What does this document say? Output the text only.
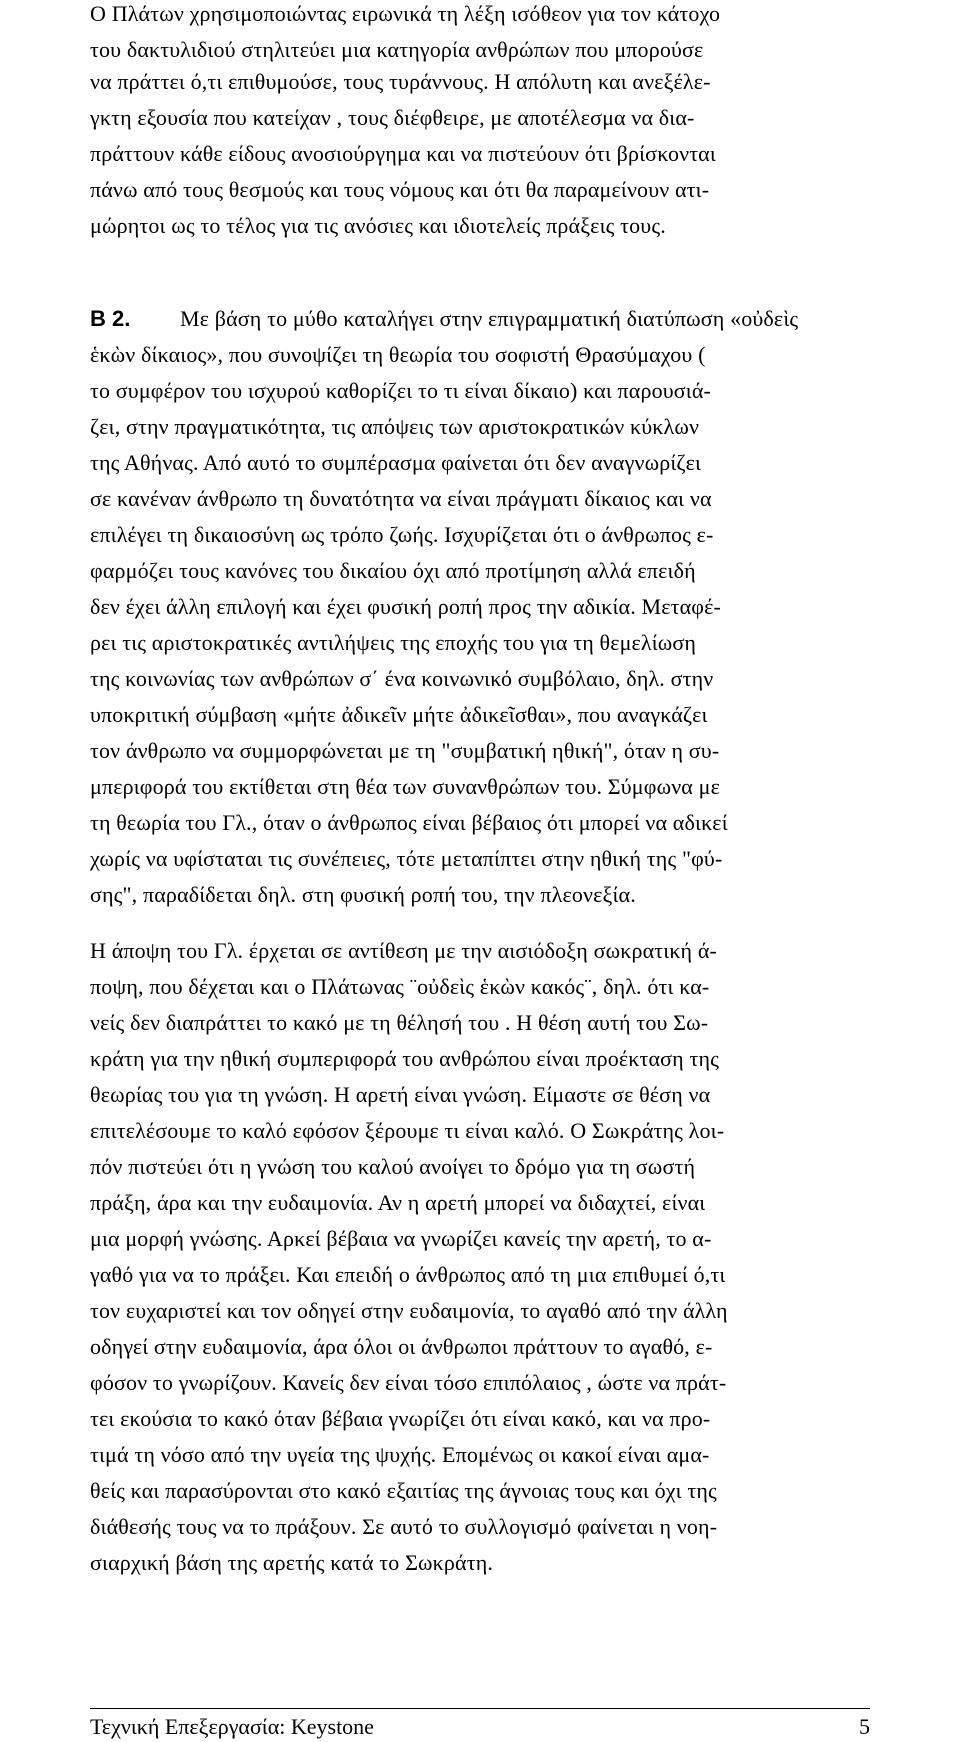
Ο Πλάτων χρησιμοποιώντας ειρωνικά τη λέξη ισόθεον για τον κάτοχο
του δακτυλιδιού στηλιτεύει μια κατηγορία ανθρώπων που μπορούσε
να πράττει ό,τι επιθυμούσε, τους τυράννους. Η απόλυτη και ανεξέλε-
γκτη εξουσία που κατείχαν , τους διέφθειρε, με αποτέλεσμα να δια-
πράττουν κάθε είδους ανοσιούργημα και να πιστεύουν ότι βρίσκονται
πάνω από τους θεσμούς και τους νόμους και ότι θα παραμείνουν ατι-
μώρητοι ως το τέλος για τις ανόσιες και ιδιοτελείς πράξεις τους.
Β 2. Με βάση το μύθο καταλήγει στην επιγραμματική διατύπωση «οὐδεὶς
ἑκὼν δίκαιος», που συνοψίζει τη θεωρία του σοφιστή Θρασύμαχου (
το συμφέρον του ισχυρού καθορίζει το τι είναι δίκαιο) και παρουσιά-
ζει, στην πραγματικότητα, τις απόψεις των αριστοκρατικών κύκλων
της Αθήνας. Από αυτό το συμπέρασμα φαίνεται ότι δεν αναγνωρίζει
σε κανέναν άνθρωπο τη δυνατότητα να είναι πράγματι δίκαιος και να
επιλέγει τη δικαιοσύνη ως τρόπο ζωής. Ισχυρίζεται ότι ο άνθρωπος ε-
φαρμόζει τους κανόνες του δικαίου όχι από προτίμηση αλλά επειδή
δεν έχει άλλη επιλογή και έχει φυσική ροπή προς την αδικία. Μεταφέ-
ρει τις αριστοκρατικές αντιλήψεις της εποχής του για τη θεμελίωση
της κοινωνίας των ανθρώπων σ΄ ένα κοινωνικό συμβόλαιο, δηλ. στην
υποκριτική σύμβαση «μήτε ἀδικεῖν μήτε ἀδικεῖσθαι», που αναγκάζει
τον άνθρωπο να συμμορφώνεται με τη "συμβατική ηθική", όταν η συ-
μπεριφορά του εκτίθεται στη θέα των συνανθρώπων του. Σύμφωνα με
τη θεωρία του Γλ., όταν ο άνθρωπος είναι βέβαιος ότι μπορεί να αδικεί
χωρίς να υφίσταται τις συνέπειες, τότε μεταπίπτει στην ηθική της "φύ-
σης", παραδίδεται δηλ. στη φυσική ροπή του, την πλεονεξία.
Η άποψη του Γλ. έρχεται σε αντίθεση με την αισιόδοξη σωκρατική ά-
ποψη, που δέχεται και ο Πλάτωνας ¨οὐδεὶς ἑκὼν κακός¨, δηλ. ότι κα-
νείς δεν διαπράττει το κακό με τη θέλησή του . Η θέση αυτή του Σω-
κράτη για την ηθική συμπεριφορά του ανθρώπου είναι προέκταση της
θεωρίας του για τη γνώση. Η αρετή είναι γνώση. Είμαστε σε θέση να
επιτελέσουμε το καλό εφόσον ξέρουμε τι είναι καλό. Ο Σωκράτης λοι-
πόν πιστεύει ότι η γνώση του καλού ανοίγει το δρόμο για τη σωστή
πράξη, άρα και την ευδαιμονία. Αν η αρετή μπορεί να διδαχτεί, είναι
μια μορφή γνώσης. Αρκεί βέβαια να γνωρίζει κανείς την αρετή, το α-
γαθό για να το πράξει. Και επειδή ο άνθρωπος από τη μια επιθυμεί ό,τι
τον ευχαριστεί και τον οδηγεί στην ευδαιμονία, το αγαθό από την άλλη
οδηγεί στην ευδαιμονία, άρα όλοι οι άνθρωποι πράττουν το αγαθό, ε-
φόσον το γνωρίζουν. Κανείς δεν είναι τόσο επιπόλαιος , ώστε να πράτ-
τει εκούσια το κακό όταν βέβαια γνωρίζει ότι είναι κακό, και να προ-
τιμά τη νόσο από την υγεία της ψυχής. Επομένως οι κακοί είναι αμα-
θείς και παρασύρονται στο κακό εξαιτίας της άγνοιας τους και όχι της
διάθεσής τους να το πράξουν. Σε αυτό το συλλογισμό φαίνεται η νοη-
σιαρχική βάση της αρετής κατά το Σωκράτη.
Τεχνική Επεξεργασία: Keystone	5
